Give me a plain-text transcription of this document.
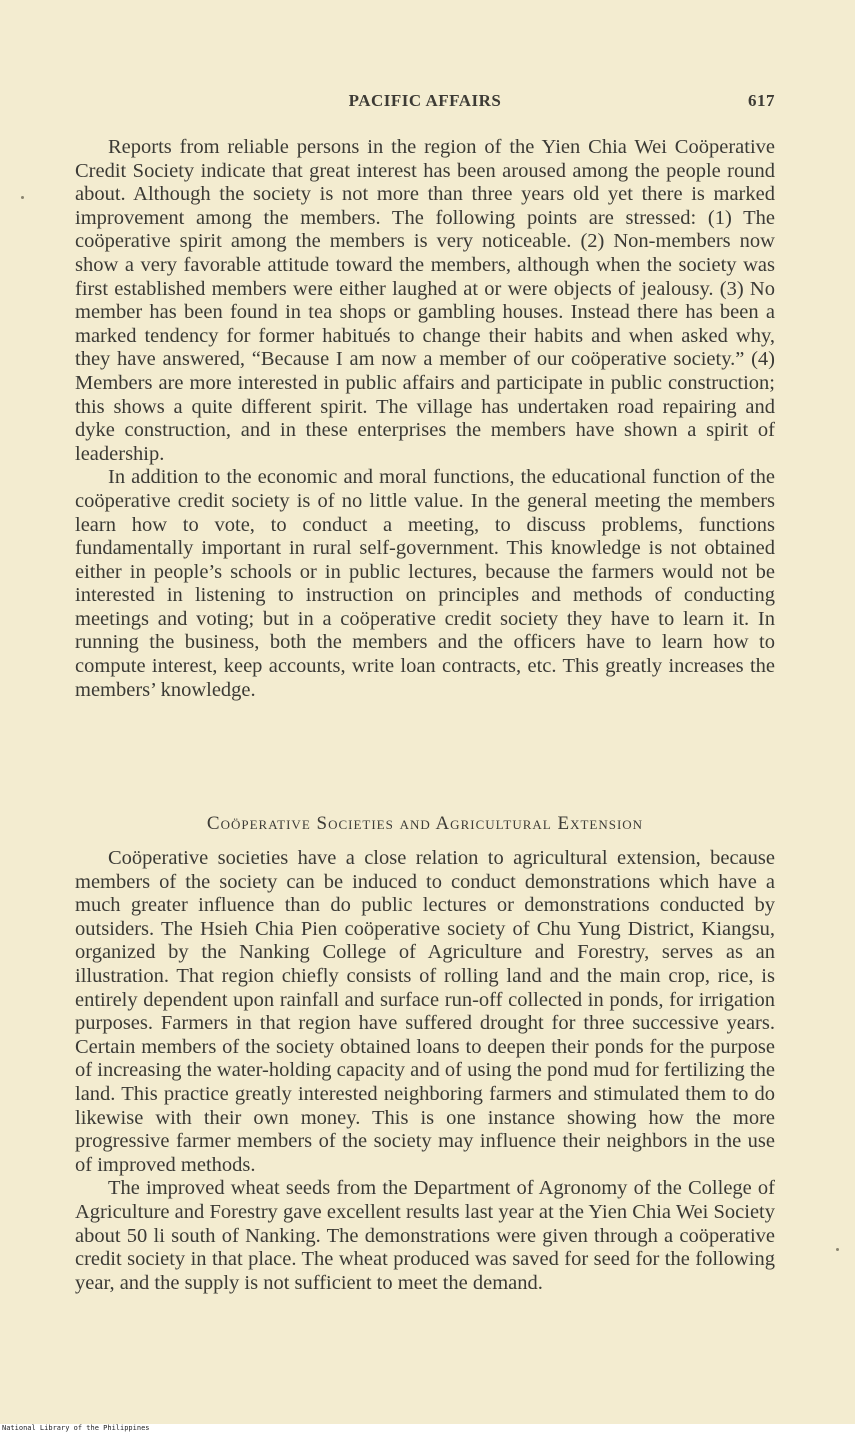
PACIFIC AFFAIRS	617

Reports from reliable persons in the region of the Yien Chia Wei Coöperative Credit Society indicate that great interest has been aroused among the people round about. Although the society is not more than three years old yet there is marked improvement among the members. The following points are stressed: (1) The coöperative spirit among the members is very noticeable. (2) Non-members now show a very favorable attitude toward the members, although when the society was first established members were either laughed at or were objects of jealousy. (3) No member has been found in tea shops or gambling houses. Instead there has been a marked tendency for former habitués to change their habits and when asked why, they have answered, “Because I am now a member of our coöperative society.” (4) Members are more interested in public affairs and participate in public construction; this shows a quite different spirit. The village has undertaken road repairing and dyke construction, and in these enterprises the members have shown a spirit of leadership.

In addition to the economic and moral functions, the educational function of the coöperative credit society is of no little value. In the general meeting the members learn how to vote, to conduct a meeting, to discuss problems, functions fundamentally important in rural self-government. This knowledge is not obtained either in people’s schools or in public lectures, because the farmers would not be interested in listening to instruction on principles and methods of conducting meetings and voting; but in a coöperative credit society they have to learn it. In running the business, both the members and the officers have to learn how to compute interest, keep accounts, write loan contracts, etc. This greatly increases the members’ knowledge.

Coöperative Societies and Agricultural Extension

Coöperative societies have a close relation to agricultural extension, because members of the society can be induced to conduct demonstrations which have a much greater influence than do public lectures or demonstrations conducted by outsiders. The Hsieh Chia Pien coöperative society of Chu Yung District, Kiangsu, organized by the Nanking College of Agriculture and Forestry, serves as an illustration. That region chiefly consists of rolling land and the main crop, rice, is entirely dependent upon rainfall and surface run-off collected in ponds, for irrigation purposes. Farmers in that region have suffered drought for three successive years. Certain members of the society obtained loans to deepen their ponds for the purpose of increasing the water-holding capacity and of using the pond mud for fertilizing the land. This practice greatly interested neighboring farmers and stimulated them to do likewise with their own money. This is one instance showing how the more progressive farmer members of the society may influence their neighbors in the use of improved methods.

The improved wheat seeds from the Department of Agronomy of the College of Agriculture and Forestry gave excellent results last year at the Yien Chia Wei Society about 50 li south of Nanking. The demonstrations were given through a coöperative credit society in that place. The wheat produced was saved for seed for the following year, and the supply is not sufficient to meet the demand.

National Library of the Philippines
